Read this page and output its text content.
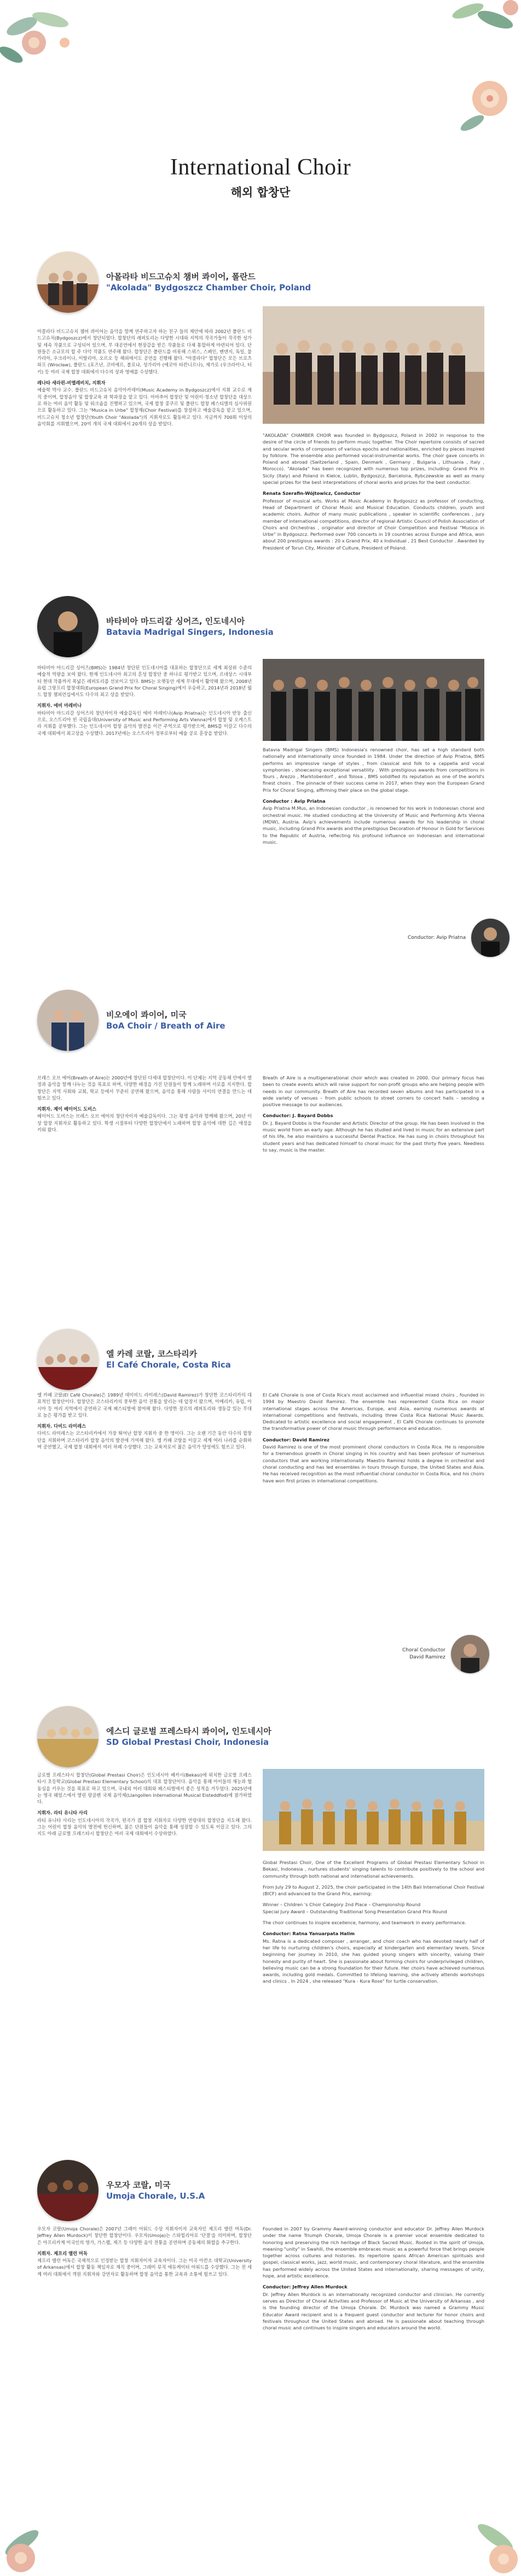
International Choir
해외 합창단
아몰라타 비드고슈치 챔버 콰이어, 폴란드
"Akolada" Bydgoszcz Chamber Choir, Poland

아콜라다 비드고슈치 챔버 콰이어는 음악을 함께 연주하고자 하는 친구 들의 제안에 따라 2002년 폴란드 비드고슈치(Bydgoszcz)에서 창단되었다. 합창단의 레퍼토리는 다양한 시대와 지역의 작곡가들이 작곡한 성가 및 세속 작품으로 구성되어 있으며, 무 대공연에서 현장감을 받은 작품들로 다채 통합하게 마련되어 있다. 단원들은 소규모의 합 주 다악 작품도 연주해 왔다. 합창단은 폴란드를 비롯해 스위스, 스페인, 벤덴지, 독일, 불가리아, 우크라이나, 이탈리아, 오르오 등 해외에서도 공연을 진행해 왔다. "아콜라다" 합창단은 모든 브로츠와프 (Wrocław), 폴란드 (포즈난, 코비에르, 볼로냐, 성가리아 (에코아 타칸니르나), 제가로 (우크라이나, 터키) 등 여러 국제 합창 대회에서 다수의 상과 영예를 수상했다.

레나타 새라핀-비엘레비치, 지휘자

예술학 박사 교수. 폴란드 비드고슈치 음악아카데미(Music Academy in Bydgoszcz)에서 지휘 교수로 재직 중이며, 합창음악 및 합창교육 과 학과장을 맡고 있다. 아마추어 합창단 및 어린이·청소년 합창단을 대상으로 하는 여러 음악 활동 및 워크숍을 진행하고 있으며, 국제 합창 콩쿠르 및 폴란드 합창 페스티벌의 심사위원으로 활동하고 있다. 그는 "Musica in Urbe" 합창제(Choir Festival)를 창설하고 예술감독을 맡고 있으며, 비드고슈치 청소년 합창단(Youth Choir "Akolada")의 지휘자로도 활동하고 있다. 지금까지 700회 이상의 음악회를 지휘했으며, 20여 개의 국제 대회에서 20개의 상을 받았다.

"AKOLADA" CHAMBER CHOIR was founded in Bydgoszcz, Poland in 2002 in response to the desire of the circle of friends to perform music together. The Choir repertoire consists of sacred and secular works of composers of various epochs and nationalities, enriched by pieces inspired by folklore. The ensemble also performed vocal-instrumental works. The choir gave concerts in Poland and abroad (Switzerland , Spain, Denmark , Germany , Bulgaria , Lithuania , Italy , Morocco). "Akolada" has been recognized with numerous top prizes, including: Grand Prix in Sicily (Italy) and Poland in Kielce, Lublin, Bydgoszcz, Barcelona, Rybczewskie as well as many special prizes for the best interpretations of choral works and prizes for the best conductor.

Renata Szerafin-Wójtowicz, Conductor

Professor of musical arts. Works at Music Academy in Bydgoszcz as professor of conducting, Head of Department of Choral Music and Musical Education. Conducts children, youth and academic choirs. Author of many music publications , speaker in scientific conferences , jury member of international competitions, director of regional Artistic Council of Polish Association of Choirs and Orchestras , originator and director of Choir Competition and Festival "Musica in Urbe" in Bydgoszcz. Performed over 700 concerts in 19 countries across Europe and Africa, won about 200 prestigious awards : 20 x Grand Prix, 40 x Individual , 21 Best Conductor . Awarded by President of Torun City, Minister of Culture, President of Poland.

바타비아 마드리갈 싱어즈, 인도네시아
Batavia Madrigal Singers, Indonesia

바타비아 마드리갈 싱어즈(BMS)는 1984년 창단된 인도네시아를 대표하는 합창단으로 세계 최상위 수준의 예술적 역량을 보여 왔다. 현재 인도네시아 최고의 혼성 합창단 중 하나로 평가받고 있으며, 르네상스 시대부터 현대 작품까지 폭넓은 레퍼토리를 선보이고 있다. BMS는 오랫동안 세계 무대에서 활약해 왔으며, 2008년 유럽 그랑프리 합창대회(European Grand Prix for Choral Singing)에서 우승하고, 2014년과 2018년 월드 합창 챔피언십에서도 다수의 최고 상을 받았다.

지휘자. 에비 마레비나

바타비아 마드리갈 싱어즈의 창단자이자 예술감독인 에비 마레비나(Avip Priatna)는 인도네시아 반둥 출신으로, 오스트리아 빈 국립음대(University of Music and Performing Arts Vienna)에서 합창 및 오케스트라 지휘를 공부했다. 그는 인도네시아 합창 음악의 발전을 이끈 주역으로 평가받으며, BMS를 이끌고 다수의 국제 대회에서 최고상을 수상했다. 2017년에는 오스트리아 정부로부터 예술 공로 훈장을 받았다.

Batavia Madrigal Singers (BMS) Indonesia's renowned choir, has set a high standard both nationally and internationally since founded in 1984. Under the direction of Avip Priatna, BMS performs an impressive range of styles , from classical and folk to a cappella and vocal symphonies , showcasing exceptional versatility . With prestigious awards from competitions in Tours , Arezzo , Marktoberdorf , and Tolosa , BMS solidified its reputation as one of the world's finest choirs . The pinnacle of their success came in 2017, when they won the European Grand Prix for Choral Singing, affirming their place on the global stage.

Conductor : Avip Priatna

Avip Priatna M.Mus, an Indonesian conductor , is renowned for his work in Indonesian choral and orchestral music. He studied conducting at the University of Music and Performing Arts Vienna (MDW), Austria. Avip's achievements include numerous awards for his leadership in choral music, including Grand Prix awards and the prestigious Decoration of Honour in Gold for Services to the Republic of Austria, reflecting his profound influence on Indonesian and international music.

Conductor: Avip Priatna
비오에이 콰이어, 미국
BoA Choir / Breath of Aire

브레스 오브 에어(Breath of Aire)는 2000년에 창단된 다세대 합창단이다. 이 단체는 지역 공동체 안에서 열정과 음악을 함께 나누는 것을 목표로 하며, 다양한 배경을 가진 단원들이 함께 노래하며 서로를 지지한다. 합창단은 지역 사회와 교회, 학교 등에서 꾸준히 공연해 왔으며, 음악을 통해 사람들 사이의 연결을 만드는 데 힘쓰고 있다.

지휘자. 제이 베이어드 도비스

베이어드 도비스는 브레스 오브 에어의 창단자이자 예술감독이다. 그는 평생 음악과 함께해 왔으며, 20년 이상 합창 지휘자로 활동하고 있다. 학생 시절부터 다양한 합창단에서 노래하며 합창 음악에 대한 깊은 애정을 키워 왔다.

Breath of Aire is a multigenerational choir which was created in 2000. Our primary focus has been to create events which will raise support for non-profit groups who are helping people with needs in our community. Breath of Aire has recorded seven albums and has participated in a wide variety of venues – from public schools to street corners to concert halls – sending a positive message to our audiences.

Conductor: J. Bayard Dobbs

Dr. J. Bayard Dobbs is the Founder and Artistic Director of the group. He has been involved in the music world from an early age. Although he has studied and lived in music for an extensive part of his life, he also maintains a successful Dental Practice. He has sung in choirs throughout his student years and has dedicated himself to choral music for the past thirty five years. Needless to say, music is the master.

엘 카레 코랄, 코스타리카
El Café Chorale, Costa Rica

엘 카페 코랄(El Café Chorale)은 1989년 데이비드 라미레스(David Ramirez)가 창단한 코스타리카의 대표적인 합창단이다. 합창단은 코스타리카의 풍부한 음악 전통을 알리는 데 앞장서 왔으며, 아메리카, 유럽, 아시아 등 여러 지역에서 공연하고 국제 페스티벌에 참여해 왔다. 다양한 장르의 레퍼토리와 생동감 있는 무대로 높은 평가를 받고 있다.

지휘자. 다비드 라미레스

다비드 라미레스는 코스타리카에서 가장 뛰어난 합창 지휘자 중 한 명이다. 그는 오랜 기간 동안 다수의 합창단을 지휘하며 코스타리카 합창 음악의 발전에 기여해 왔다. 엘 카페 코랄을 이끌고 세계 여러 나라를 순회하며 공연했고, 국제 합창 대회에서 여러 차례 수상했다. 그는 교육자로서 젊은 음악가 양성에도 힘쓰고 있다.

El Café Chorale is one of Costa Rica's most acclaimed and influential mixed choirs , founded in 1994 by Maestro David Ramirez. The ensemble has represented Costa Rica on major international stages across the Americas, Europe, and Asia, earning numerous awards at international competitions and festivals, including three Costa Rica National Music Awards. Dedicated to artistic excellence and social engagement , El Café Chorale continues to promote the transformative power of choral music through performance and education.

Conductor: David Ramirez

David Ramirez is one of the most prominent choral conductors in Costa Rica. He is responsible for a tremendous growth in Choral singing in his country and has been professor of numerous conductors that are working internationally. Maestro Ramirez holds a degree in orchestral and choral conducting and has led ensembles in tours through Europe, the United States and Asia. He has received recognition as the most influential choral conductor in Costa Rica, and his choirs have won first prizes in international competitions.

Choral Conductor
David Ramirez
에스디 글로벌 프레스타시 콰이어, 인도네시아
SD Global Prestasi Choir, Indonesia

글로벌 프레스타시 합창단(Global Prestasi Choir)은 인도네시아 베카시(Bekasi)에 위치한 글로벌 프레스타시 초등학교(Global Prestasi Elementary School)의 대표 합창단이다. 음악을 통해 아이들의 재능과 협동심을 키우는 것을 목표로 하고 있으며, 국내외 여러 대회와 페스티벌에서 좋은 성적을 거두었다. 2025년에는 영국 웨일스에서 열린 랑골렌 국제 음악제(Llangollen International Musical Eisteddfod)에 참가하였다.

지휘자. 라티 유니타 사리

라티 유니타 사리는 인도네시아의 작곡가, 편곡가 겸 합창 지휘자로 다양한 연령대의 합창단을 지도해 왔다. 그는 어린이 합창 음악의 발전에 헌신하며, 젊은 단원들이 음악을 통해 성장할 수 있도록 이끌고 있다. 그의 지도 아래 글로벌 프레스타시 합창단은 여러 국제 대회에서 수상하였다.

Global Prestasi Choir, One of the Excellent Programs of Global Prestasi Elementary School in Bekasi, Indonesia , nurtures students' singing talents to contribute positively to the school and community through both national and international achievements.

From July 29 to August 2, 2025, the choir participated in the 14th Bali International Choir Festival (BICF) and advanced to the Grand Prix, earning:

Winner – Children 's Choir Category 2nd Place – Championship Round

Special Jury Award – Outstanding Traditional Song Presentation Grand Prix Round

The choir continues to inspire excellence, harmony, and teamwork in every performance.

Conductor: Ratna Yanuarpata Halim

Ms. Ratna is a dedicated composer , arranger, and choir coach who has devoted nearly half of her life to nurturing children's choirs, especially at kindergarten and elementary levels. Since beginning her journey in 2010, she has guided young singers with sincerity, valuing their honesty and purity of heart. She is passionate about forming choirs for underprivileged children, believing music can be a strong foundation for their future. Her choirs have achieved numerous awards, including gold medals. Committed to lifelong learning, she actively attends workshops and clinics . In 2024 , she released "Kura - Kura Rose" for turtle conservation.

우모자 코랄, 미국
Umoja Chorale, U.S.A

우모자 코랄(Umoja Chorale)은 2007년 그래미 어워드 수상 지휘자이자 교육자인 제프리 앨런 머독(Dr. Jeffrey Allen Murdock)이 창단한 합창단이다. 우모자(Umoja)는 스와힐리어로 '단결'을 의미하며, 합창단은 아프리카계 미국인의 영가, 가스펠, 재즈 등 다양한 음악 전통을 공연하며 공동체의 화합을 추구한다.

지휘자. 제프리 앨런 머독

제프리 앨런 머독은 국제적으로 인정받는 합창 지휘자이자 교육자이다. 그는 미국 아칸소 대학교(University of Arkansas)에서 합창 활동 책임자로 재직 중이며, 그래미 뮤직 에듀케이터 어워드를 수상했다. 그는 전 세계 여러 대회에서 객원 지휘자와 강연자로 활동하며 합창 음악을 통한 교육과 소통에 힘쓰고 있다.

Founded in 2007 by Grammy Award-winning conductor and educator Dr. Jeffrey Allen Murdock under the name Triumph Chorale, Umoja Chorale is a premier vocal ensemble dedicated to honoring and preserving the rich heritage of Black Sacred Music. Rooted in the spirit of Umoja, meaning "unity" in Swahili, the ensemble embraces music as a powerful force that brings people together across cultures and histories. Its repertoire spans African American spirituals and gospel, classical works, jazz, world music, and contemporary choral literature, and the ensemble has performed widely across the United States and internationally, sharing messages of unity, hope, and artistic excellence.

Conductor: Jeffrey Allen Murdock

Dr. Jeffrey Allen Murdock is an internationally recognized conductor and clinician. He currently serves as Director of Choral Activities and Professor of Music at the University of Arkansas , and is the founding director of the Umoja Chorale. Dr. Murdock was named a Grammy Music Educator Award recipient and is a frequent guest conductor and lecturer for honor choirs and festivals throughout the United States and abroad. He is passionate about teaching through choral music and continues to inspire singers and educators around the world.
